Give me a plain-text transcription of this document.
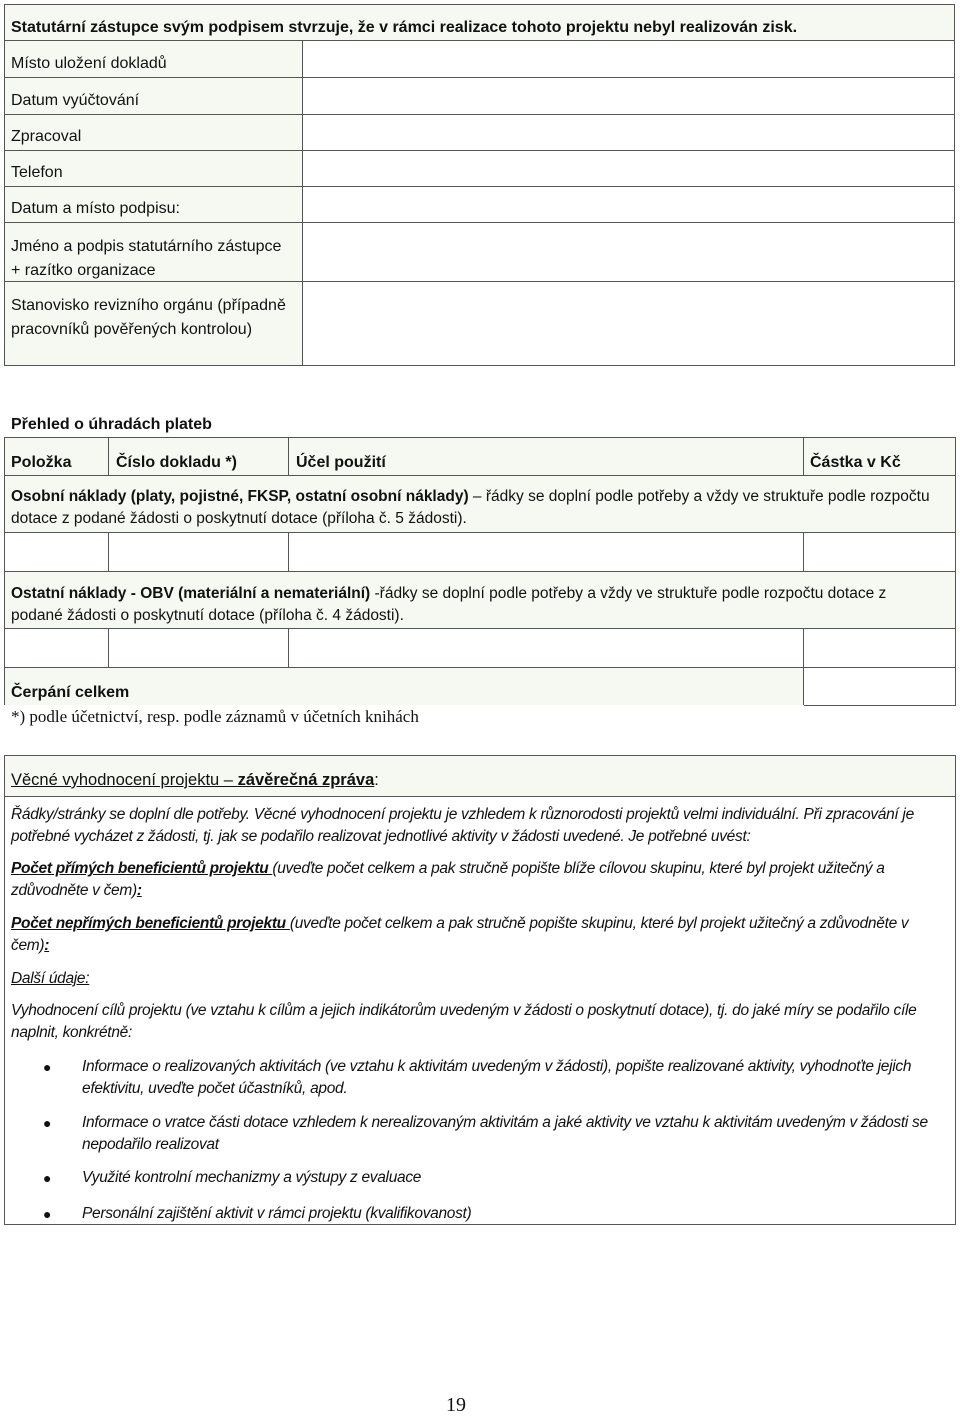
Statutární zástupce svým podpisem stvrzuje, že v rámci realizace tohoto projektu nebyl realizován zisk.
Místo uložení dokladů
Datum vyúčtování
Zpracoval
Telefon
Datum a místo podpisu:
Jméno a podpis statutárního zástupce + razítko organizace
Stanovisko revizního orgánu (případně pracovníků pověřených kontrolou)
Přehled o úhradách plateb
Položka	Číslo dokladu *)	Účel použití	Částka v Kč
Osobní náklady (platy, pojistné, FKSP, ostatní osobní náklady) – řádky se doplní podle potřeby a vždy ve struktuře podle rozpočtu dotace z podané žádosti o poskytnutí dotace (příloha č. 5 žádosti).
Ostatní náklady - OBV (materiální a nemateriální) -řádky se doplní podle potřeby a vždy ve struktuře podle rozpočtu dotace z podané žádosti o poskytnutí dotace (příloha č. 4 žádosti).
Čerpání celkem
*) podle účetnictví, resp. podle záznamů v účetních knihách
Věcné vyhodnocení projektu – závěrečná zpráva:
Řádky/stránky se doplní dle potřeby. Věcné vyhodnocení projektu je vzhledem k různorodosti projektů velmi individuální. Při zpracování je potřebné vycházet z žádosti, tj. jak se podařilo realizovat jednotlivé aktivity v žádosti uvedené. Je potřebné uvést:
Počet přímých beneficientů projektu (uveďte počet celkem a pak stručně popište blíže cílovou skupinu, které byl projekt užitečný a zdůvodněte v čem):
Počet nepřímých beneficientů projektu (uveďte počet celkem a pak stručně popište skupinu, které byl projekt užitečný a zdůvodněte v čem):
Další údaje:
Vyhodnocení cílů projektu (ve vztahu k cílům a jejich indikátorům uvedeným v žádosti o poskytnutí dotace), tj. do jaké míry se podařilo cíle naplnit, konkrétně:
● Informace o realizovaných aktivitách (ve vztahu k aktivitám uvedeným v žádosti), popište realizované aktivity, vyhodnoťte jejich efektivitu, uveďte počet účastníků, apod.
● Informace o vratce části dotace vzhledem k nerealizovaným aktivitám a jaké aktivity ve vztahu k aktivitám uvedeným v žádosti se nepodařilo realizovat
● Využité kontrolní mechanizmy a výstupy z evaluace
● Personální zajištění aktivit v rámci projektu (kvalifikovanost)
19
